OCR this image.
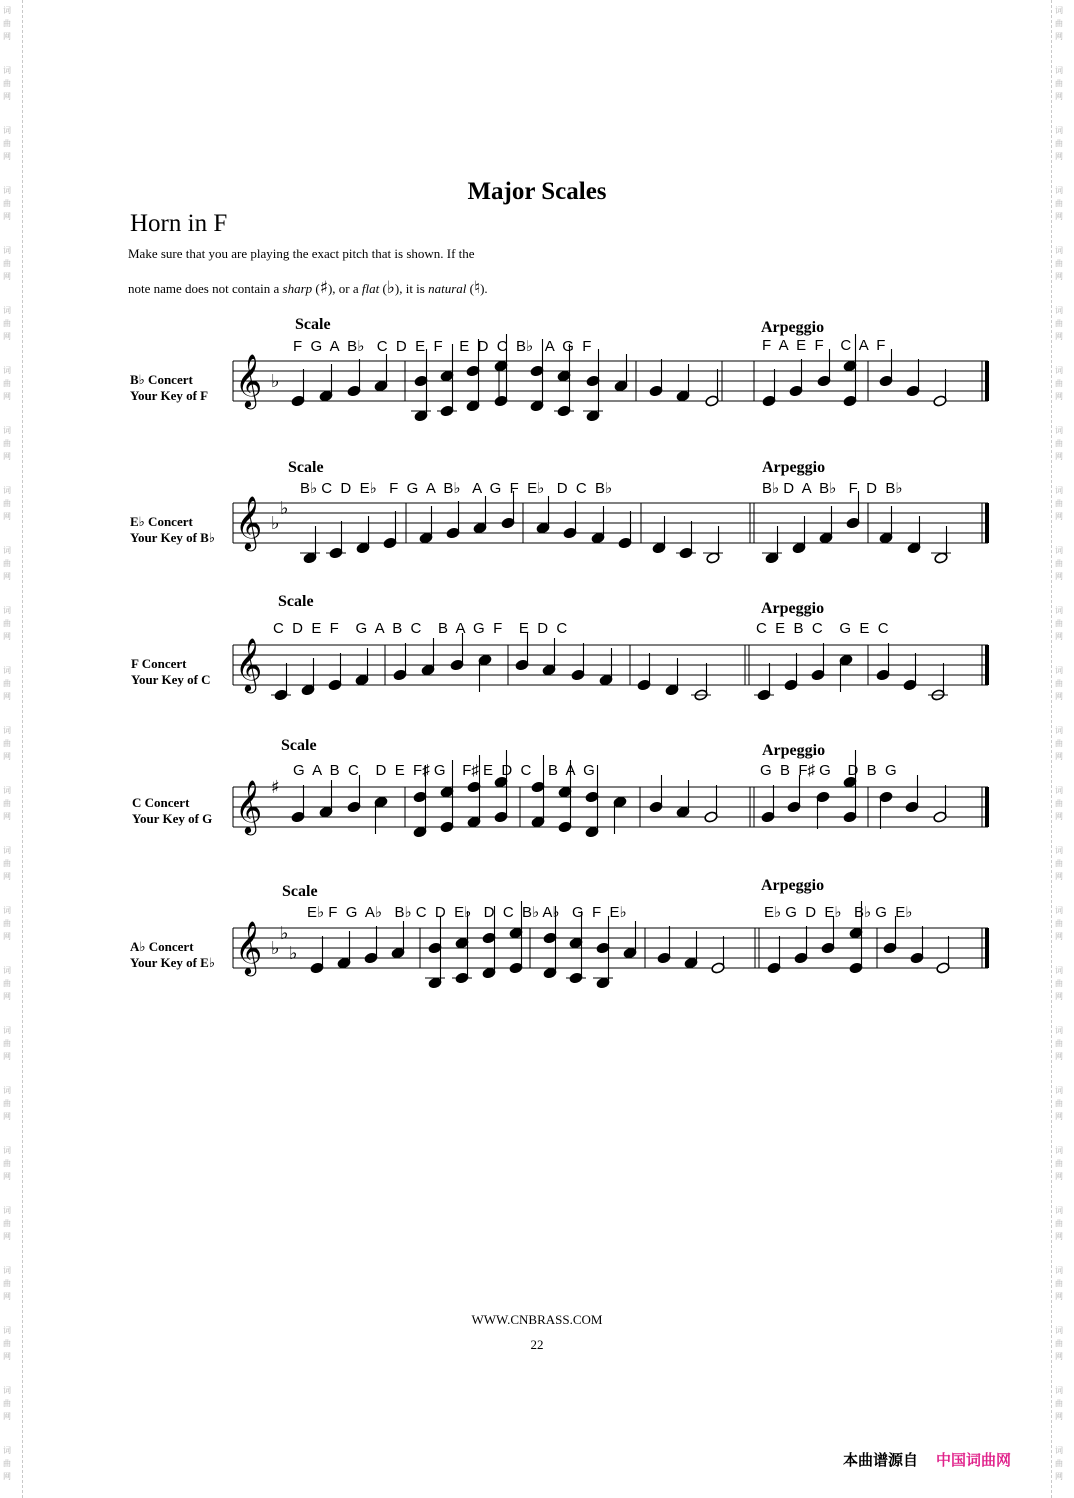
词
曲
网
词
曲
网
词
曲
网
词
曲
网
词
曲
网
词
曲
网
词
曲
网
词
曲
网
词
曲
网
词
曲
网
词
曲
网
词
曲
网
词
曲
网
词
曲
网
词
曲
网
词
曲
网
词
曲
网
词
曲
网
词
曲
网
词
曲
网
词
曲
网
词
曲
网
词
曲
网
词
曲
网
词
曲
网
词
曲
网
词
曲
网
词
曲
网
词
曲
网
词
曲
网
词
曲
网
词
曲
网
词
曲
网
词
曲
网
词
曲
网
词
曲
网
词
曲
网
词
曲
网
词
曲
网
词
曲
网
词
曲
网
词
曲
网
词
曲
网
词
曲
网
词
曲
网
词
曲
网
词
曲
网
词
曲
网
词
曲
网
词
曲
网
Major Scales
Horn in F
Make sure that you are playing the exact pitch that is shown. If the
note name does not contain a sharp (♯), or a flat (♭), it is natural (♮).
𝄞 ♭
𝄞 ♭
♭
𝄞
𝄞 ♯
𝄞 ♭
♭
♭
Scale	Arpeggio
F  G  A  B♭   C  D  E  F    E  D  C  B♭   A  G  F	F  A  E  F    C  A  F
B♭ Concert
Your Key of F
Scale	Arpeggio
B♭ C  D  E♭   F  G  A  B♭   A  G  F  E♭   D  C  B♭	B♭ D  A  B♭   F  D  B♭
E♭ Concert
Your Key of B♭
Scale	Arpeggio
C  D  E  F    G  A  B  C    B  A  G  F    E  D  C	C  E  B  C    G  E  C
F Concert
Your Key of C
Scale	Arpeggio
G  A  B  C    D  E  F♯ G    F♯ E  D  C    B  A  G	G  B  F♯ G    D  B  G
C Concert
Your Key of G
Scale	Arpeggio
E♭ F  G  A♭   B♭ C  D  E♭   D  C  B♭ A♭   G  F  E♭	E♭ G  D  E♭   B♭ G  E♭
A♭ Concert
Your Key of E♭
WWW.CNBRASS.COM
22
本曲谱源自 中国词曲网
